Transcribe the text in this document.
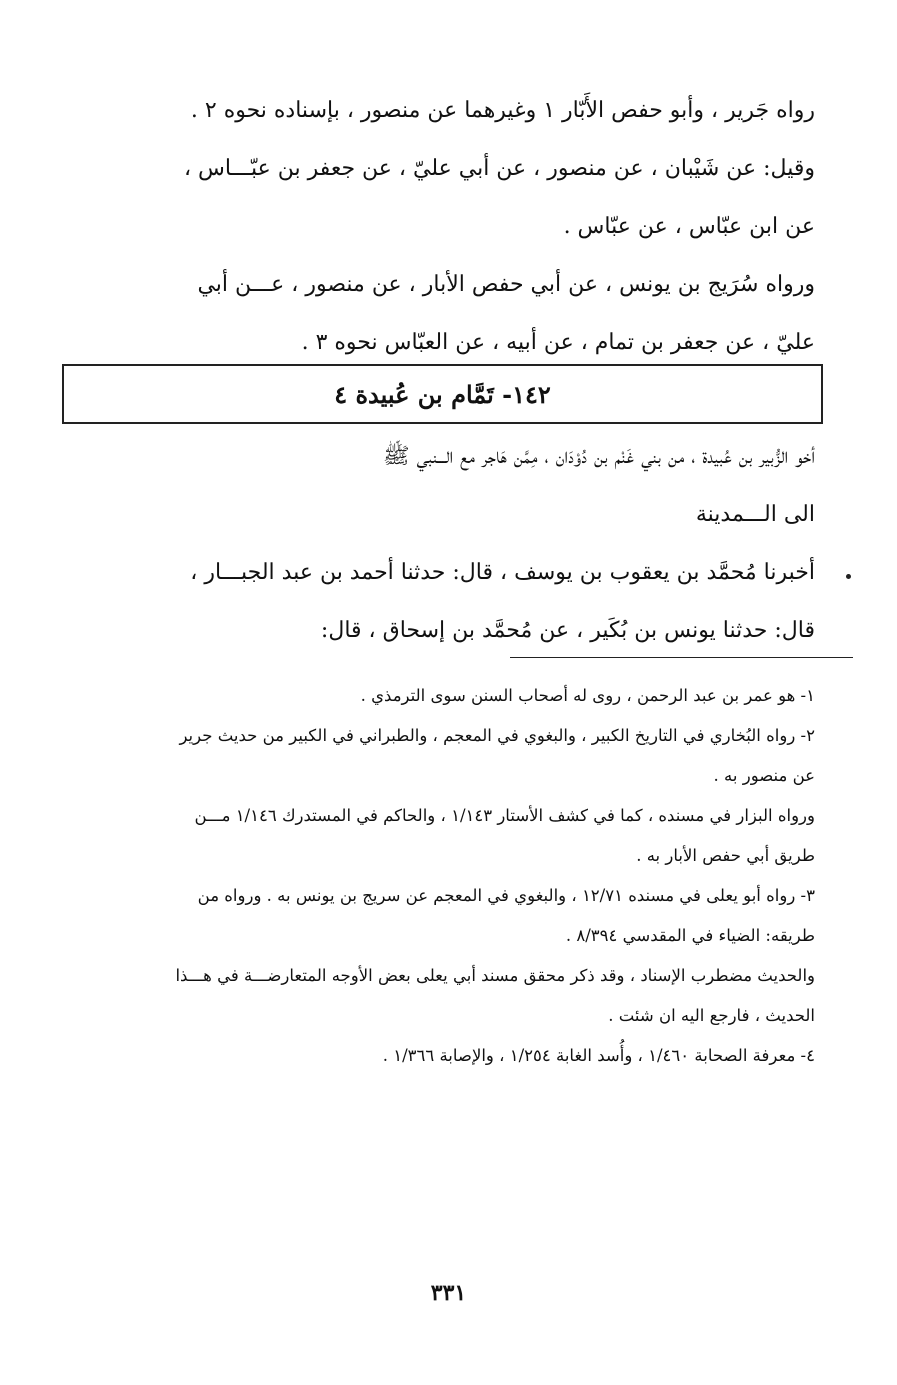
رواه جَرير ، وأبو حفص الأَبّار ١ وغيرهما عن منصور ، بإسناده نحوه ٢ .

وقيل: عن شَيْبان ، عن منصور ، عن أبي عليّ ، عن جعفر بن عبّـــاس ،

عن ابن عبّاس ، عن عبّاس .

ورواه سُرَيج بن يونس ، عن أبي حفص الأبار ، عن منصور ، عـــن أبي

عليّ ، عن جعفر بن تمام ، عن أبيه ، عن العبّاس نحوه ٣ .

١٤٢- تَمَّام بن عُبيدة ٤

أخو الزُّبير بن عُبيدة ، من بني غَنْم بن دُوْدَان ، مِمَّن هَاجر مع الـــنبي ﷺ

الى الـــمدينة

أخبرنا مُحمَّد بن يعقوب بن يوسف ، قال: حدثنا أحمد بن عبد الجبـــار ،

قال: حدثنا يونس بن بُكَير ، عن مُحمَّد بن إسحاق ، قال:

١- هو عمر بن عبد الرحمن ، روى له أصحاب السنن سوى الترمذي .

٢- رواه البُخاري في التاريخ الكبير ، والبغوي في المعجم ، والطبراني في الكبير من حديث جرير

عن منصور به .

ورواه البزار في مسنده ، كما في كشف الأستار ١/١٤٣ ، والحاكم في المستدرك ١/١٤٦ مـــن

طريق أبي حفص الأبار به .

٣- رواه أبو يعلى في مسنده ١٢/٧١ ، والبغوي في المعجم عن سريج بن يونس به . ورواه من

طريقه: الضياء في المقدسي ٨/٣٩٤ .

والحديث مضطرب الإسناد ، وقد ذكر محقق مسند أبي يعلى بعض الأوجه المتعارضـــة في هـــذا

الحديث ، فارجع اليه ان شئت .

٤- معرفة الصحابة ١/٤٦٠ ، وأُسد الغابة ١/٢٥٤ ، والإصابة ١/٣٦٦ .

٣٣١
